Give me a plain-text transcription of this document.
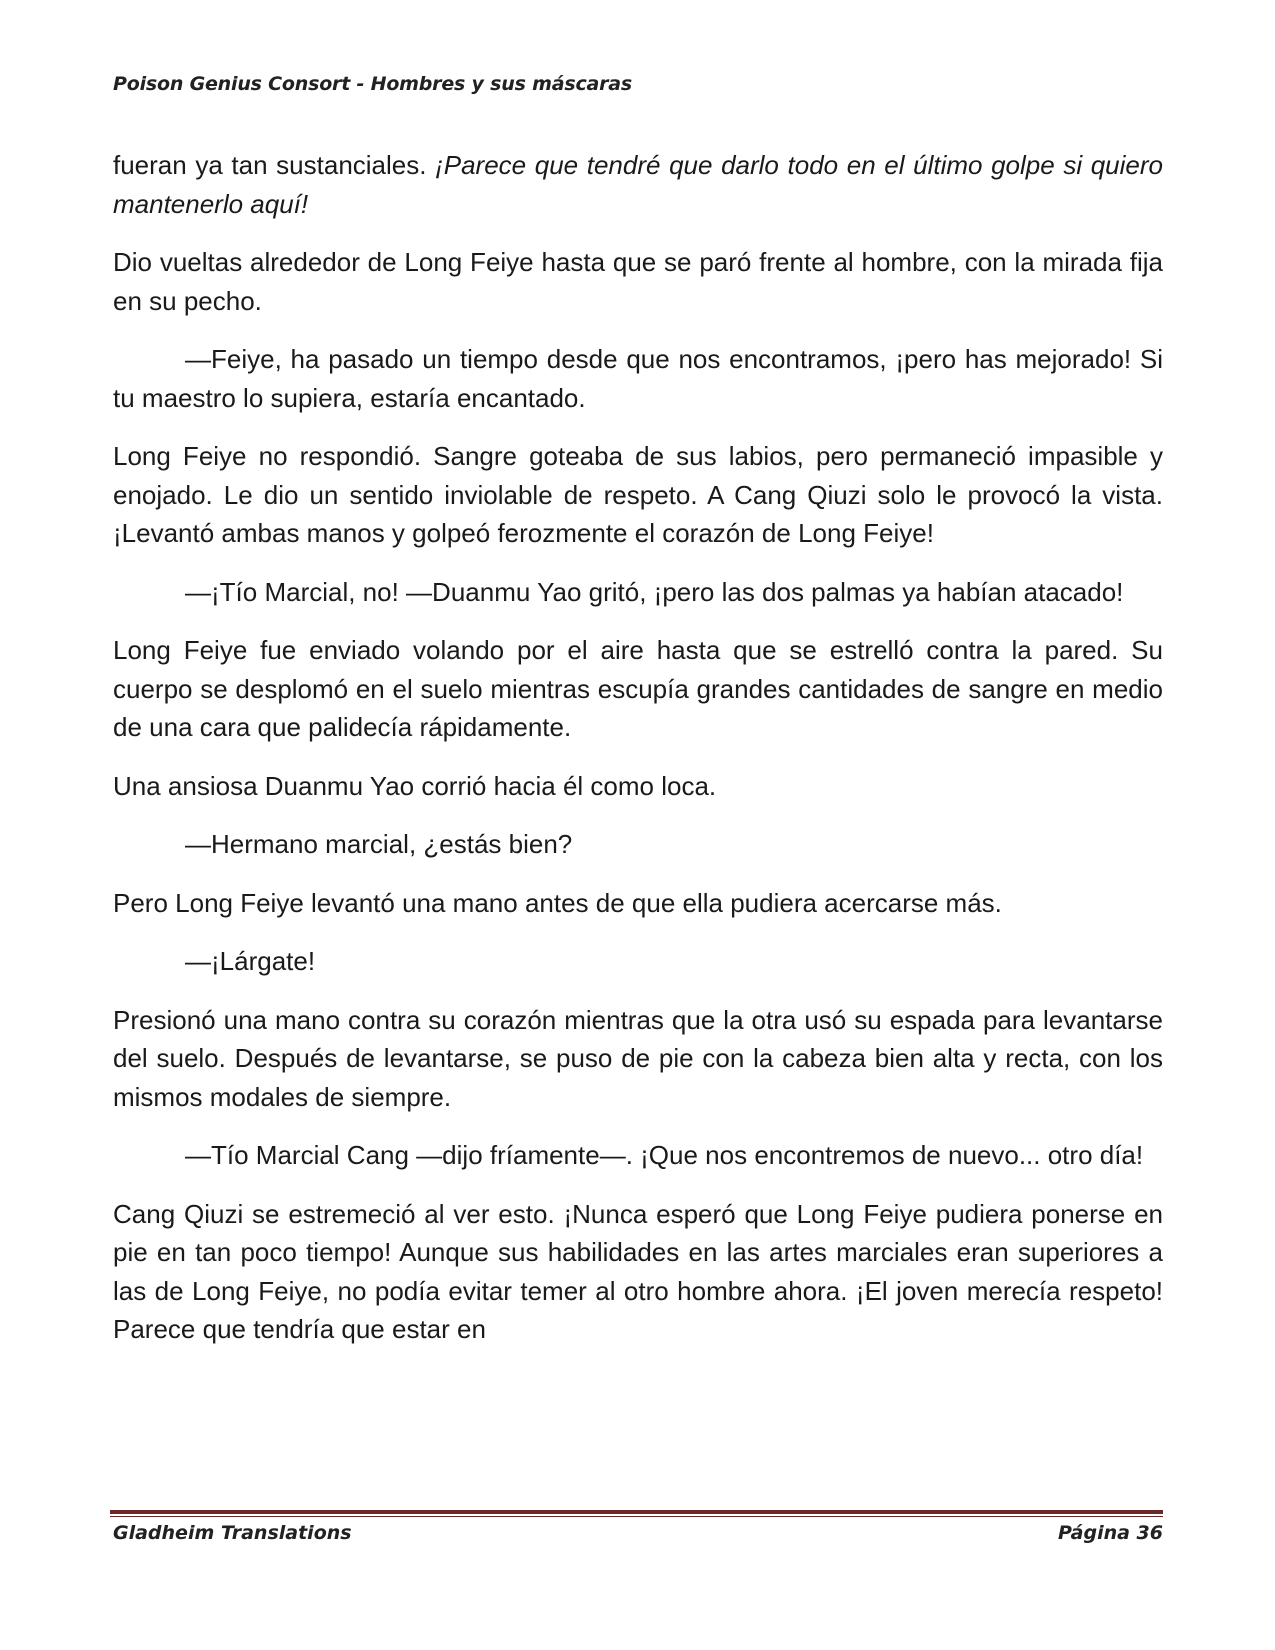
Poison Genius Consort - Hombres y sus máscaras

fueran ya tan sustanciales. ¡Parece que tendré que darlo todo en el último golpe si quiero mantenerlo aquí!

Dio vueltas alrededor de Long Feiye hasta que se paró frente al hombre, con la mirada fija en su pecho.

—Feiye, ha pasado un tiempo desde que nos encontramos, ¡pero has mejorado! Si tu maestro lo supiera, estaría encantado.

Long Feiye no respondió. Sangre goteaba de sus labios, pero permaneció impasible y enojado. Le dio un sentido inviolable de respeto. A Cang Qiuzi solo le provocó la vista. ¡Levantó ambas manos y golpeó ferozmente el corazón de Long Feiye!

—¡Tío Marcial, no! —Duanmu Yao gritó, ¡pero las dos palmas ya habían atacado!

Long Feiye fue enviado volando por el aire hasta que se estrelló contra la pared. Su cuerpo se desplomó en el suelo mientras escupía grandes cantidades de sangre en medio de una cara que palidecía rápidamente.

Una ansiosa Duanmu Yao corrió hacia él como loca.

—Hermano marcial, ¿estás bien?

Pero Long Feiye levantó una mano antes de que ella pudiera acercarse más.

—¡Lárgate!

Presionó una mano contra su corazón mientras que la otra usó su espada para levantarse del suelo. Después de levantarse, se puso de pie con la cabeza bien alta y recta, con los mismos modales de siempre.

—Tío Marcial Cang —dijo fríamente—. ¡Que nos encontremos de nuevo... otro día!

Cang Qiuzi se estremeció al ver esto. ¡Nunca esperó que Long Feiye pudiera ponerse en pie en tan poco tiempo! Aunque sus habilidades en las artes marciales eran superiores a las de Long Feiye, no podía evitar temer al otro hombre ahora. ¡El joven merecía respeto! Parece que tendría que estar en

Gladheim Translations	Página 36
